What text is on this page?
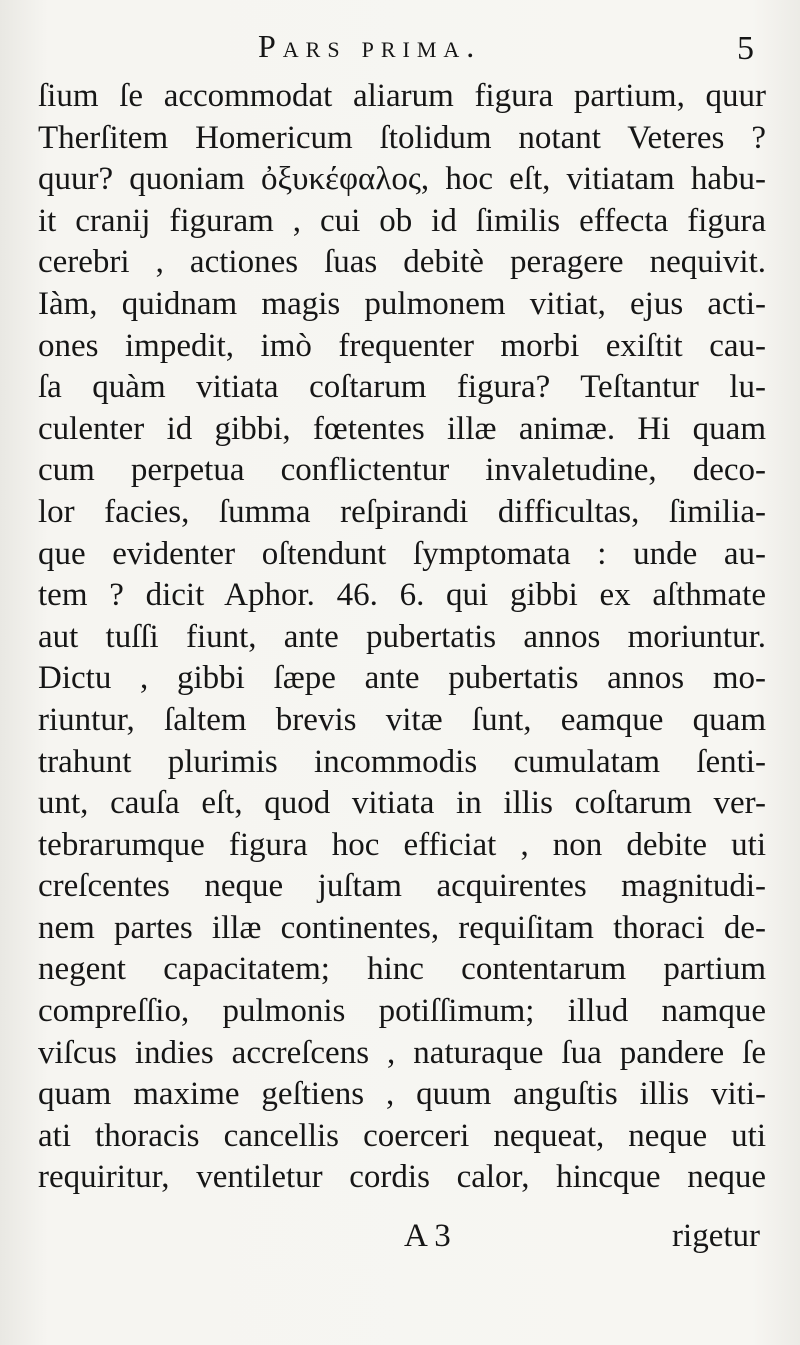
Pars prima.	5
ſium ſe accommodat aliarum figura partium, quur
Therſitem Homericum ſtolidum notant Veteres ?
quur? quoniam ὀξυκέφαλος, hoc eſt, vitiatam habu-
it cranij figuram , cui ob id ſimilis effecta figura
cerebri , actiones ſuas debitè peragere nequivit.
Iàm, quidnam magis pulmonem vitiat, ejus acti-
ones impedit, imò frequenter morbi exiſtit cau-
ſa quàm vitiata coſtarum figura? Teſtantur lu-
culenter id gibbi, fœtentes illæ animæ. Hi quam
cum perpetua conflictentur invaletudine, deco-
lor facies, ſumma reſpirandi difficultas, ſimilia-
que evidenter oſtendunt ſymptomata : unde au-
tem ? dicit Aphor. 46. 6. qui gibbi ex aſthmate
aut tuſſi fiunt, ante pubertatis annos moriuntur.
Dictu , gibbi ſæpe ante pubertatis annos mo-
riuntur, ſaltem brevis vitæ ſunt, eamque quam
trahunt plurimis incommodis cumulatam ſenti-
unt, cauſa eſt, quod vitiata in illis coſtarum ver-
tebrarumque figura hoc efficiat , non debite uti
creſcentes neque juſtam acquirentes magnitudi-
nem partes illæ continentes, requiſitam thoraci de-
negent capacitatem; hinc contentarum partium
compreſſio, pulmonis potiſſimum; illud namque
viſcus indies accreſcens , naturaque ſua pandere ſe
quam maxime geſtiens , quum anguſtis illis viti-
ati thoracis cancellis coerceri nequeat, neque uti
requiritur, ventiletur cordis calor, hincque neque
A 3	rigetur
